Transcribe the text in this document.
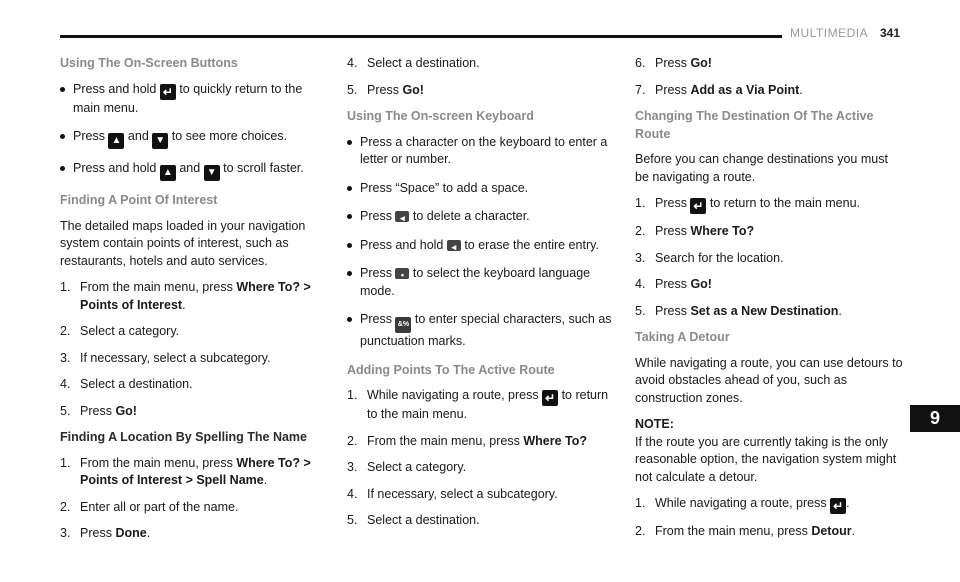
MULTIMEDIA 341
9
Using The On-Screen Buttons
Press and hold ↵ to quickly return to the main menu.
Press ▲ and ▼ to see more choices.
Press and hold ▲ and ▼ to scroll faster.
Finding A Point Of Interest
The detailed maps loaded in your navigation system contain points of interest, such as restaurants, hotels and auto services.
1. From the main menu, press Where To? > Points of Interest.
2. Select a category.
3. If necessary, select a subcategory.
4. Select a destination.
5. Press Go!
Finding A Location By Spelling The Name
1. From the main menu, press Where To? > Points of Interest > Spell Name.
2. Enter all or part of the name.
3. Press Done.
4. Select a destination.
5. Press Go!
Using The On-screen Keyboard
Press a character on the keyboard to enter a letter or number.
Press “Space” to add a space.
Press ◂ to delete a character.
Press and hold ◂ to erase the entire entry.
Press • to select the keyboard language mode.
Press &% to enter special characters, such as punctuation marks.
Adding Points To The Active Route
1. While navigating a route, press ↵ to return to the main menu.
2. From the main menu, press Where To?
3. Select a category.
4. If necessary, select a subcategory.
5. Select a destination.
6. Press Go!
7. Press Add as a Via Point.
Changing The Destination Of The Active Route
Before you can change destinations you must be navigating a route.
1. Press ↵ to return to the main menu.
2. Press Where To?
3. Search for the location.
4. Press Go!
5. Press Set as a New Destination.
Taking A Detour
While navigating a route, you can use detours to avoid obstacles ahead of you, such as construction zones.
NOTE:
If the route you are currently taking is the only reasonable option, the navigation system might not calculate a detour.
1. While navigating a route, press ↵.
2. From the main menu, press Detour.
